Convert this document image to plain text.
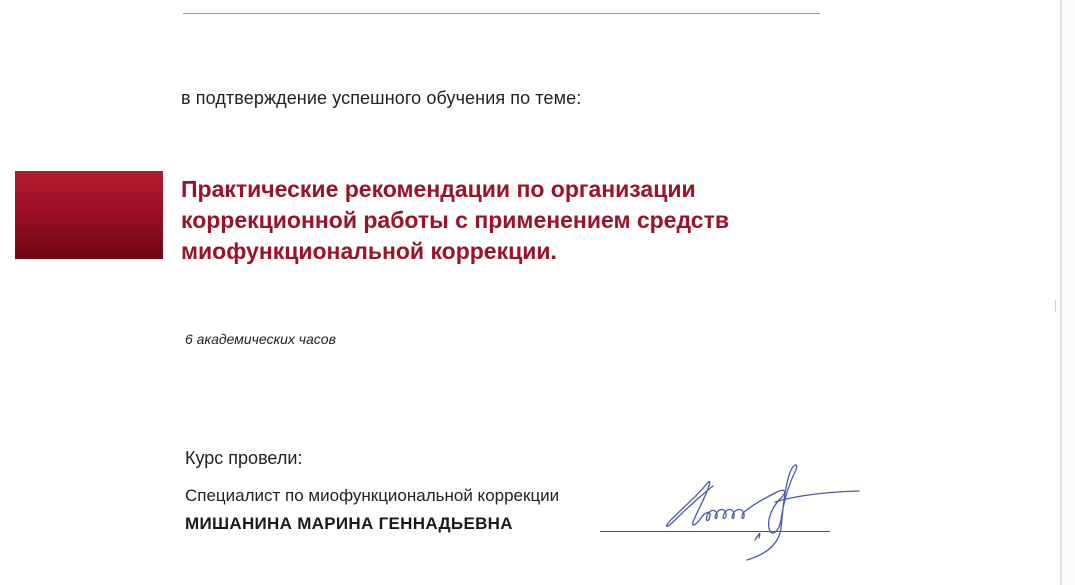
в подтверждение успешного обучения по теме:
Практические рекомендации по организации
коррекционной работы с применением средств
миофункциональной коррекции.
6 академических часов
Курс провели:
Специалист по миофункциональной коррекции
МИШАНИНА МАРИНА ГЕННАДЬЕВНА
